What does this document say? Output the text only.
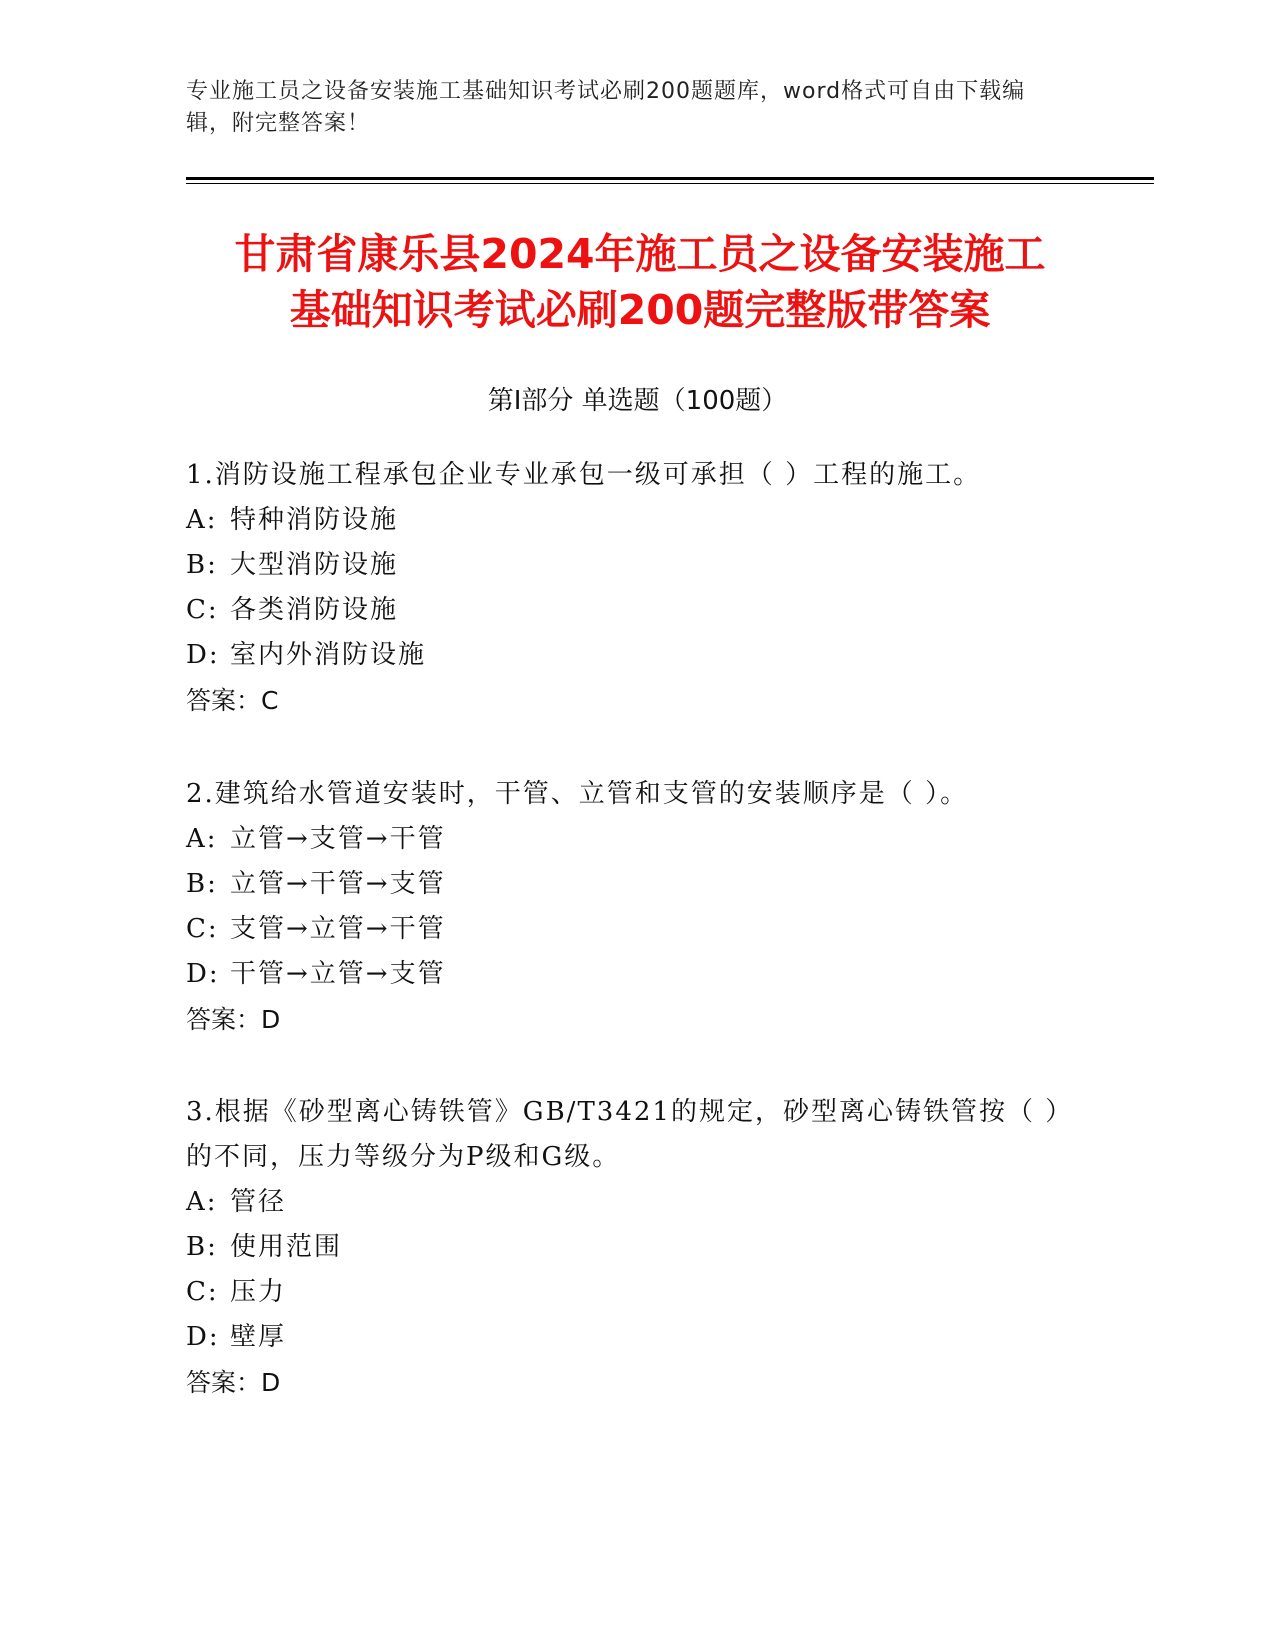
专业施工员之设备安装施工基础知识考试必刷200题题库，word格式可自由下载编辑，附完整答案！
甘肃省康乐县2024年施工员之设备安装施工
基础知识考试必刷200题完整版带答案
第Ⅰ部分 单选题（100题）
1.消防设施工程承包企业专业承包一级可承担（ ）工程的施工。
A: 特种消防设施
B: 大型消防设施
C: 各类消防设施
D: 室内外消防设施
答案：C
2.建筑给水管道安装时，干管、立管和支管的安装顺序是（ ）。
A: 立管→支管→干管
B: 立管→干管→支管
C: 支管→立管→干管
D: 干管→立管→支管
答案：D
3.根据《砂型离心铸铁管》GB/T3421的规定，砂型离心铸铁管按（ ）的不同，压力等级分为P级和G级。
A: 管径
B: 使用范围
C: 压力
D: 壁厚
答案：D
